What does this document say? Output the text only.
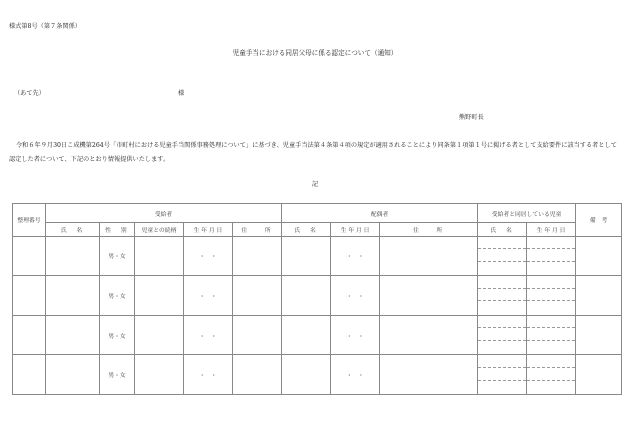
様式第8号（第７条関係）
児童手当における同居父母に係る認定について（通知）
（あて先）	様
熊野町長
令和６年９月30日こ成機第264号「市町村における児童手当関係事務処理について」に基づき、児童手当法第４条第４項の規定が適用されることにより同条第１項第１号に掲げる者として支給要件に該当する者として認定した者について、下記のとおり情報提供いたします。
記
整理番号	受給者					配偶者			受給者と同居している児童		備　考
	氏　名	性　別	児童との続柄	生 年 月 日	住　　所	氏　名	生 年 月 日	住　　所	氏　名	生 年 月 日	
		男・女		・　・			・　・		

		男・女		・　・			・　・		

		男・女		・　・			・　・		

		男・女		・　・			・　・		
